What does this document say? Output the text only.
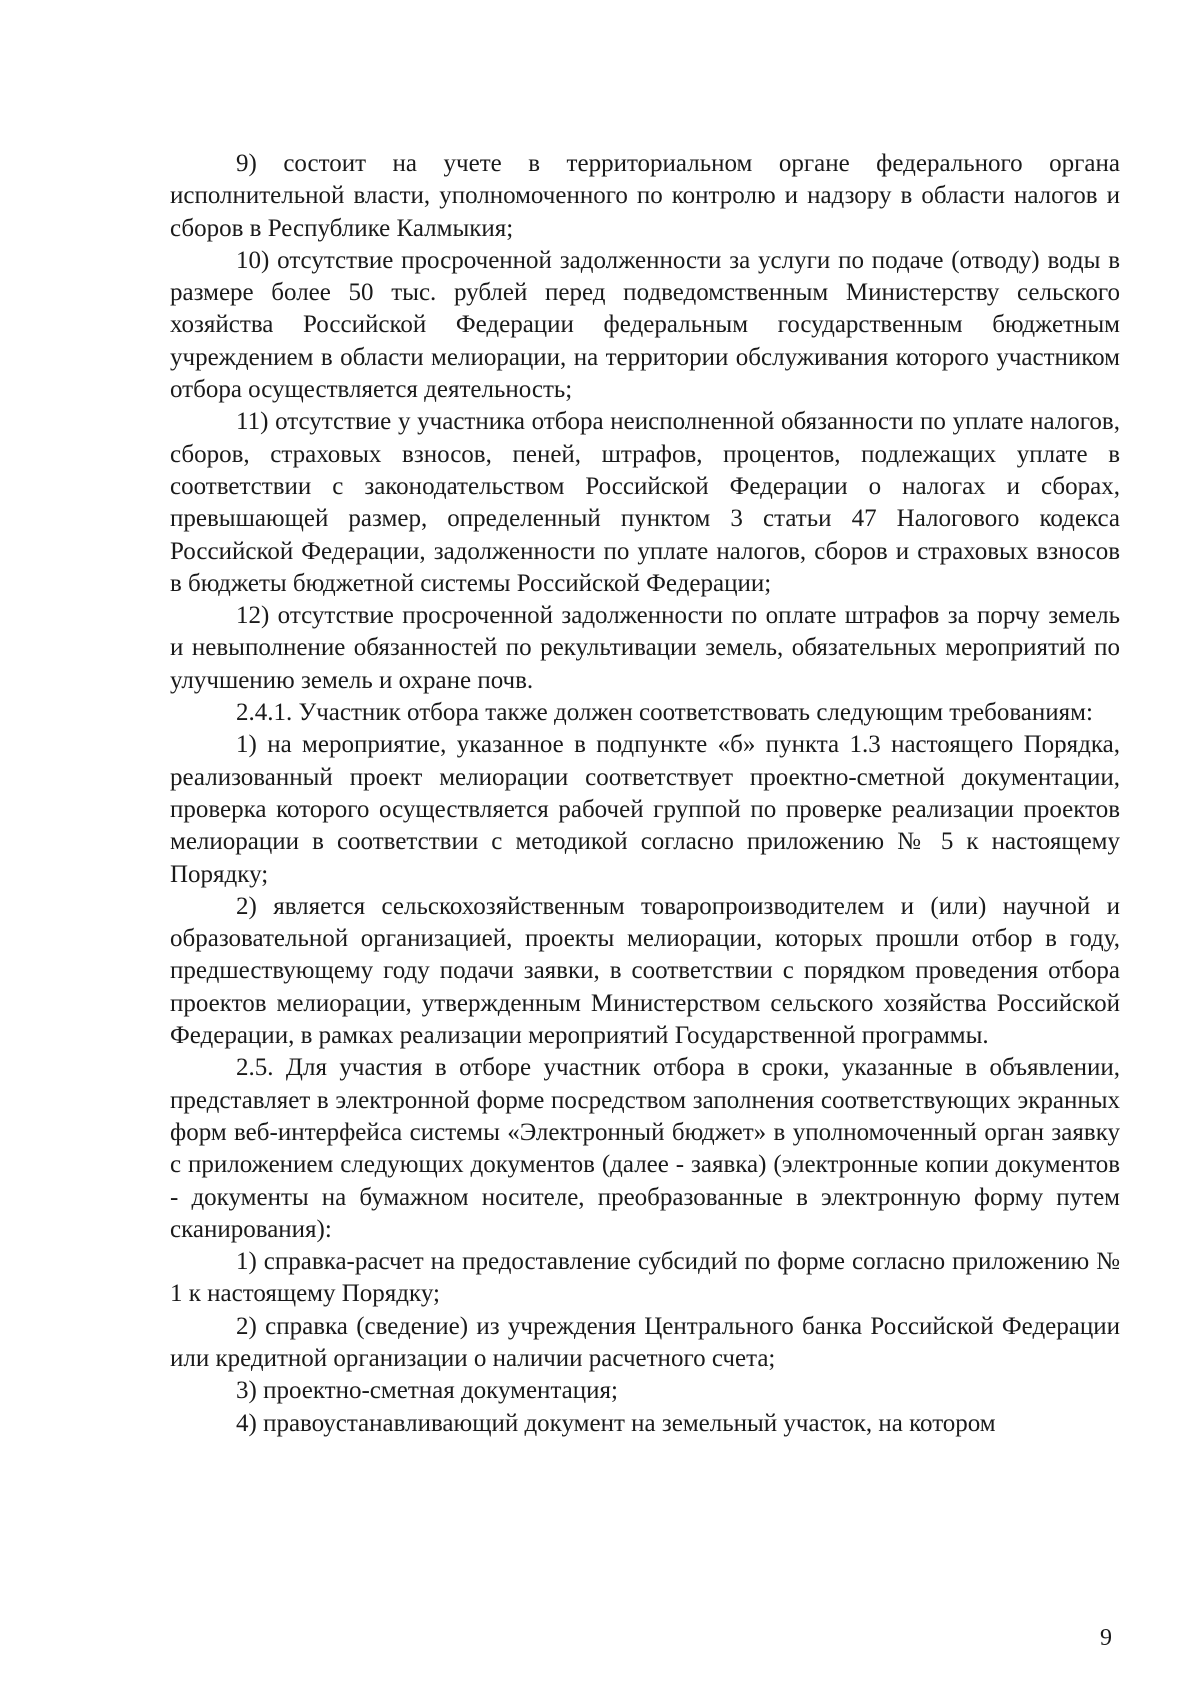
9) состоит на учете в территориальном органе федерального органа исполнительной власти, уполномоченного по контролю и надзору в области налогов и сборов в Республике Калмыкия;

10) отсутствие просроченной задолженности за услуги по подаче (отводу) воды в размере более 50 тыс. рублей перед подведомственным Министерству сельского хозяйства Российской Федерации федеральным государственным бюджетным учреждением в области мелиорации, на территории обслуживания которого участником отбора осуществляется деятельность;

11) отсутствие у участника отбора неисполненной обязанности по уплате налогов, сборов, страховых взносов, пеней, штрафов, процентов, подлежащих уплате в соответствии с законодательством Российской Федерации о налогах и сборах, превышающей размер, определенный пунктом 3 статьи 47 Налогового кодекса Российской Федерации, задолженности по уплате налогов, сборов и страховых взносов в бюджеты бюджетной системы Российской Федерации;

12) отсутствие просроченной задолженности по оплате штрафов за порчу земель и невыполнение обязанностей по рекультивации земель, обязательных мероприятий по улучшению земель и охране почв.

2.4.1. Участник отбора также должен соответствовать следующим требованиям:

1) на мероприятие, указанное в подпункте «б» пункта 1.3 настоящего Порядка, реализованный проект мелиорации соответствует проектно-сметной документации, проверка которого осуществляется рабочей группой по проверке реализации проектов мелиорации в соответствии с методикой согласно приложению № 5 к настоящему Порядку;

2) является сельскохозяйственным товаропроизводителем и (или) научной и образовательной организацией, проекты мелиорации, которых прошли отбор в году, предшествующему году подачи заявки, в соответствии с порядком проведения отбора проектов мелиорации, утвержденным Министерством сельского хозяйства Российской Федерации, в рамках реализации мероприятий Государственной программы.

2.5. Для участия в отборе участник отбора в сроки, указанные в объявлении, представляет в электронной форме посредством заполнения соответствующих экранных форм веб-интерфейса системы «Электронный бюджет» в уполномоченный орган заявку с приложением следующих документов (далее - заявка) (электронные копии документов - документы на бумажном носителе, преобразованные в электронную форму путем сканирования):

1) справка-расчет на предоставление субсидий по форме согласно приложению № 1 к настоящему Порядку;

2) справка (сведение) из учреждения Центрального банка Российской Федерации или кредитной организации о наличии расчетного счета;

3) проектно-сметная документация;

4) правоустанавливающий документ на земельный участок, на котором

9
